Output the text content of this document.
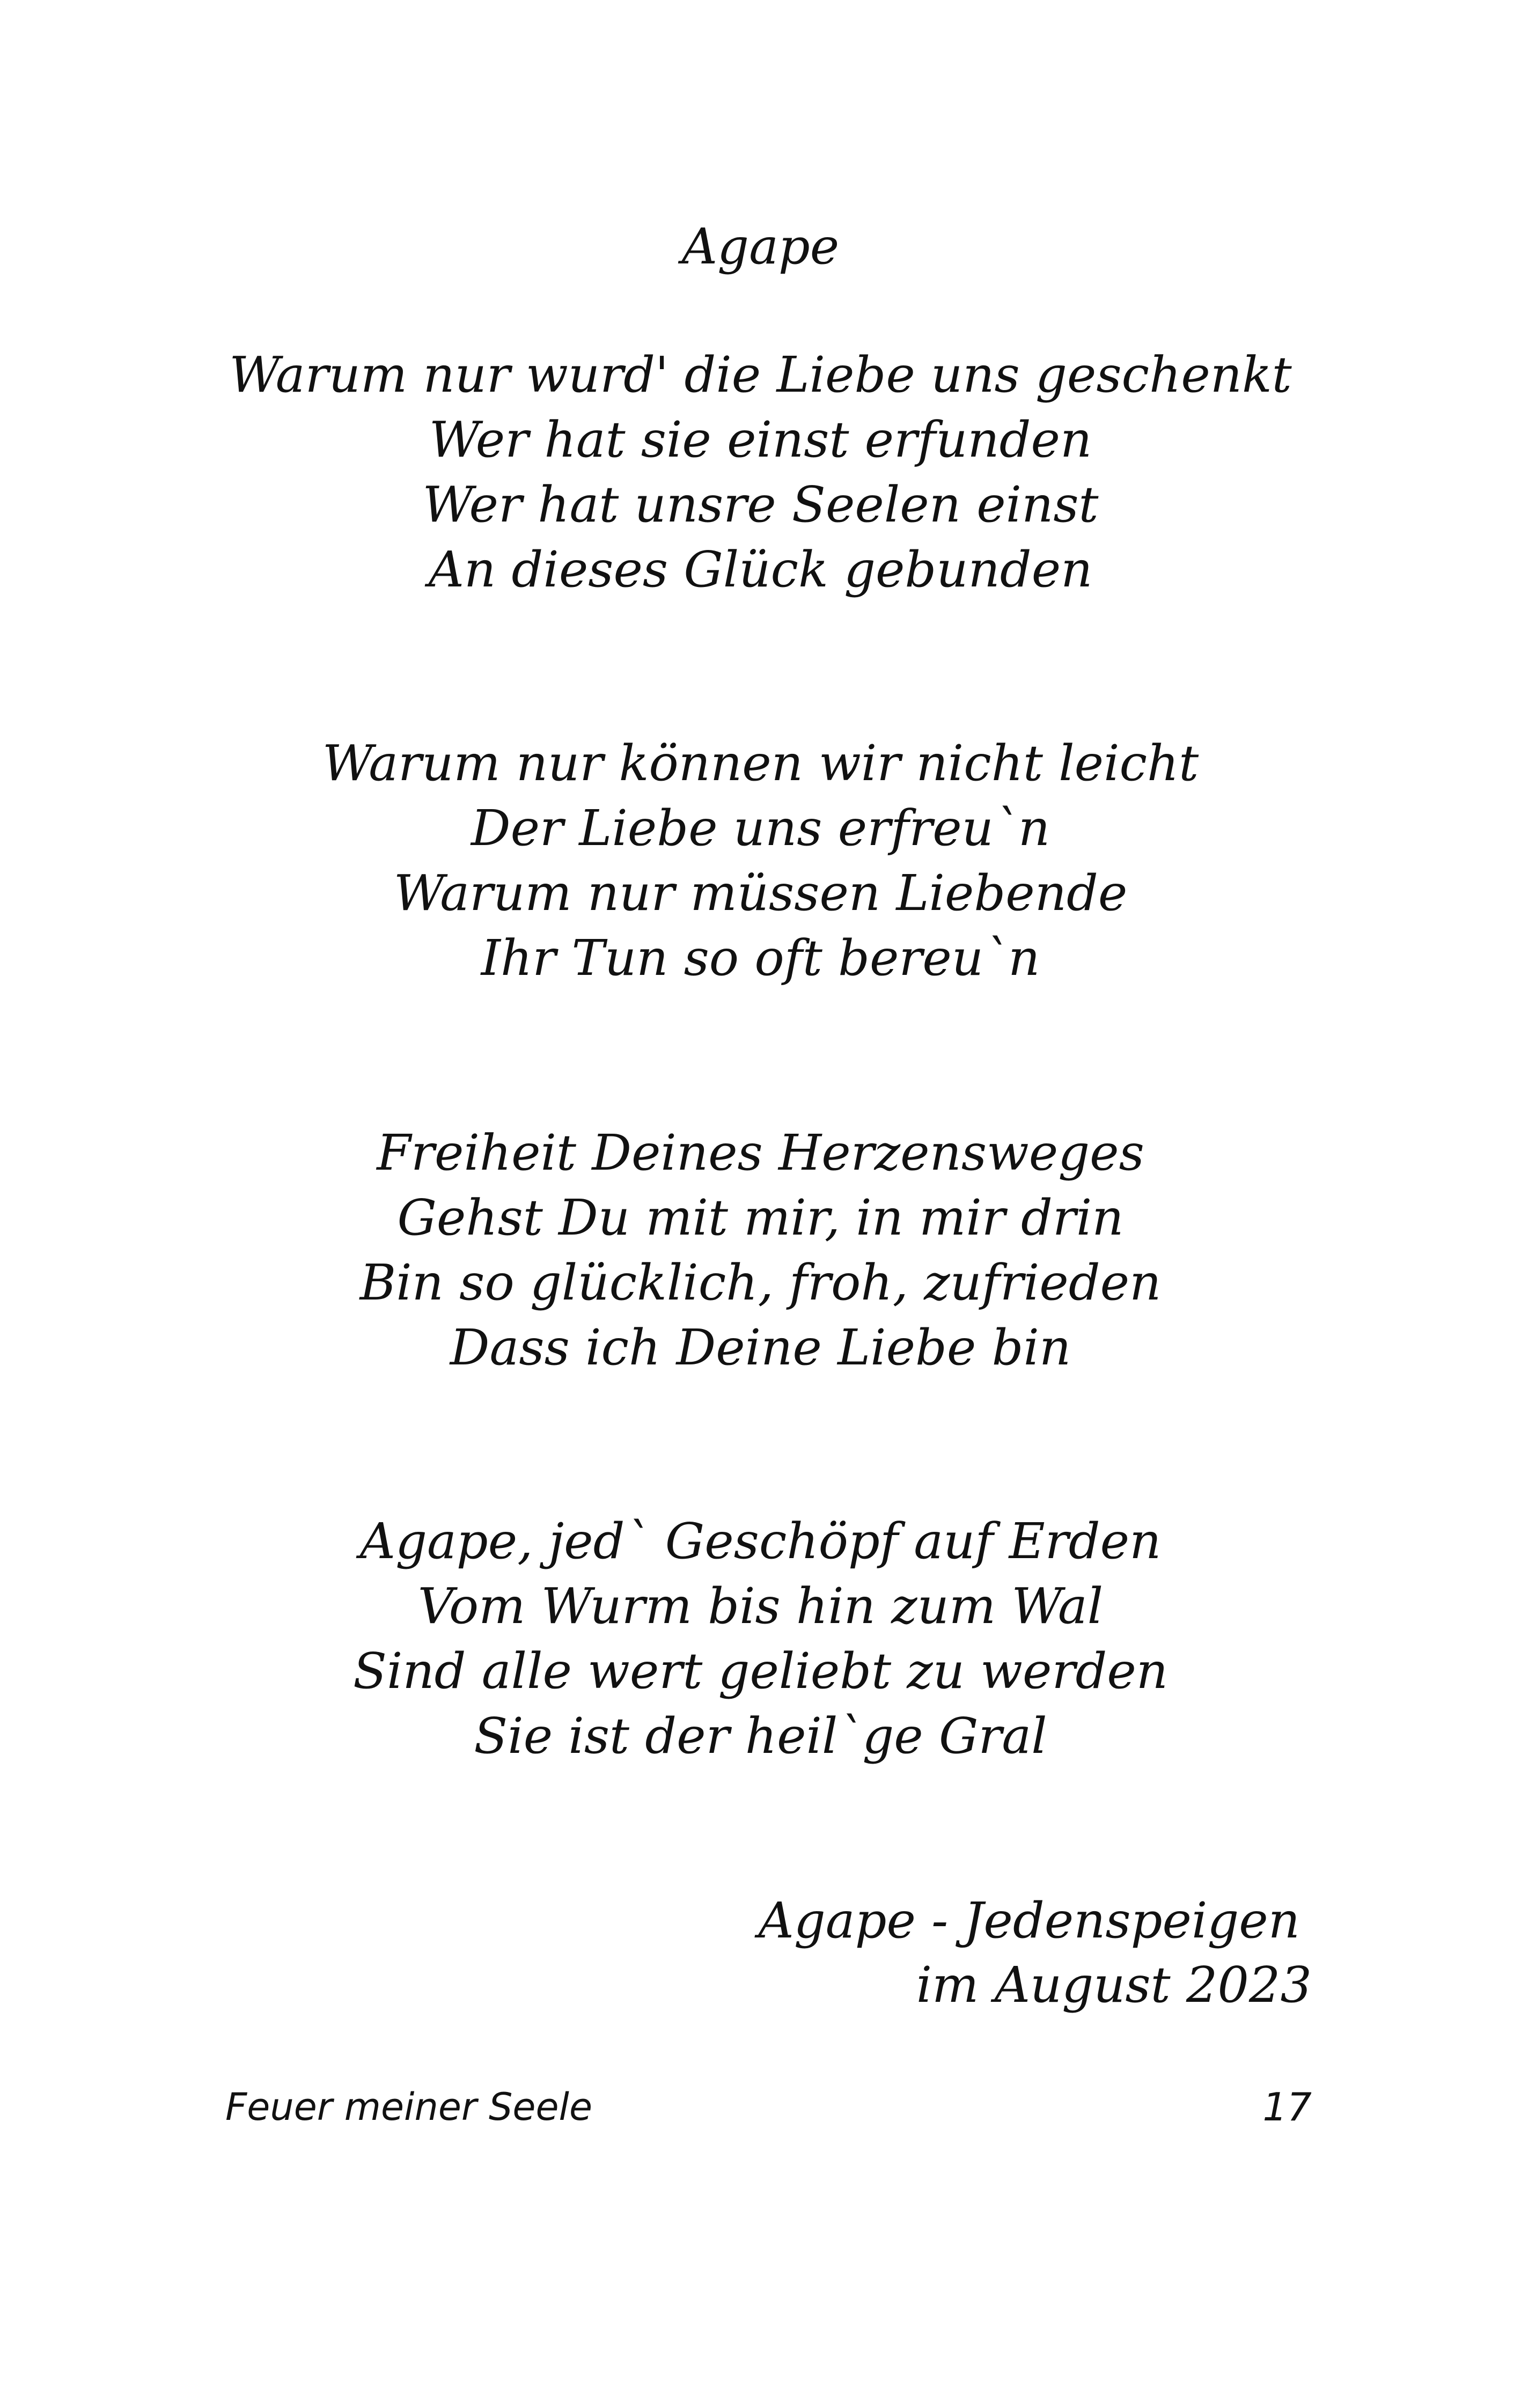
Agape
Warum nur wurd' die Liebe uns geschenkt
Wer hat sie einst erfunden
Wer hat unsre Seelen einst
An dieses Glück gebunden
Warum nur können wir nicht leicht
Der Liebe uns erfreu`n
Warum nur müssen Liebende
Ihr Tun so oft bereu`n
Freiheit Deines Herzensweges
Gehst Du mit mir, in mir drin
Bin so glücklich, froh, zufrieden
Dass ich Deine Liebe bin
Agape, jed` Geschöpf auf Erden
Vom Wurm bis hin zum Wal
Sind alle wert geliebt zu werden
Sie ist der heil`ge Gral
Agape - Jedenspeigen
im August 2023
Feuer meiner Seele	17
